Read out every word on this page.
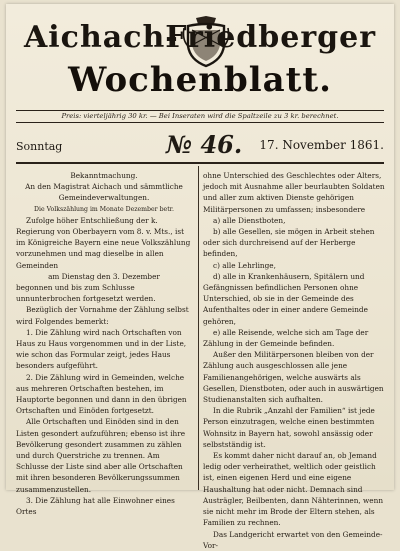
Aichach-
Friedberger
Wochenblatt.
Preis: vierteljährig 30 kr. — Bei Inseraten wird die Spaltzeile zu 3 kr. berechnet.
Sonntag	№ 46. 17. November 1861.

Bekanntmachung.

An den Magistrat Aichach und sämmtliche Gemeindeverwaltungen.

Die Volkszählung im Monate Dezember betr.

Zufolge höher Entschließung der k. Regierung von Oberbayern vom 8. v. Mts., ist im Königreiche Bayern eine neue Volkszählung vorzunehmen und mag dieselbe in allen Gemeinden

am Dienstag den 3. Dezember

begonnen und bis zum Schlusse unnunterbrochen fortgesetzt werden.

Bezüglich der Vornahme der Zählung selbst wird Folgendes bemerkt:

1. Die Zählung wird nach Ortschaften von Haus zu Haus vorgenommen und in der Liste, wie schon das Formular zeigt, jedes Haus besonders aufgeführt.

2. Die Zählung wird in Gemeinden, welche aus mehreren Ortschaften bestehen, im Hauptorte begonnen und dann in den übrigen Ortschaften und Einöden fortgesetzt.

Alle Ortschaften und Einöden sind in den Listen gesondert aufzuführen; ebenso ist ihre Bevölkerung gesondert zusammen zu zählen und durch Querstriche zu trennen. Am Schlusse der Liste sind aber alle Ortschaften mit ihren besonderen Bevölkerungssummen zusammenzustellen.

3. Die Zählung hat alle Einwohner eines Ortes

ohne Unterschied des Geschlechtes oder Alters, jedoch mit Ausnahme aller beurlaubten Soldaten und aller zum aktiven Dienste gehörigen Militärpersonen zu umfassen; insbesondere

a) alle Dienstboten,

b) alle Gesellen, sie mögen in Arbeit stehen oder sich durchreisend auf der Herberge befinden,

c) alle Lehrlinge,

d) alle in Krankenhäusern, Spitälern und Gefängnissen befindlichen Personen ohne Unterschied, ob sie in der Gemeinde des Aufenthaltes oder in einer andere Gemeinde gehören,

e) alle Reisende, welche sich am Tage der Zählung in der Gemeinde befinden.

Außer den Militärpersonen bleiben von der Zählung auch ausgeschlossen alle jene Familienangehörigen, welche auswärts als Gesellen, Dienstboten, oder auch in auswärtigen Studienanstalten sich aufhalten.

In die Rubrik „Anzahl der Familien“ ist jede Person einzutragen, welche einen bestimmten Wohnsitz in Bayern hat, sowohl ansässig oder selbstständig ist.

Es kommt daher nicht darauf an, ob Jemand ledig oder verheirathet, weltlich oder geistlich ist, einen eigenen Herd und eine eigene Haushaltung hat oder nicht. Demnach sind Austrägler, Beilbenten, dann Nähterinnen, wenn sie nicht mehr im Brode der Eltern stehen, als Familien zu rechnen.

Das Landgericht erwartet von den Gemeinde-Vor-
